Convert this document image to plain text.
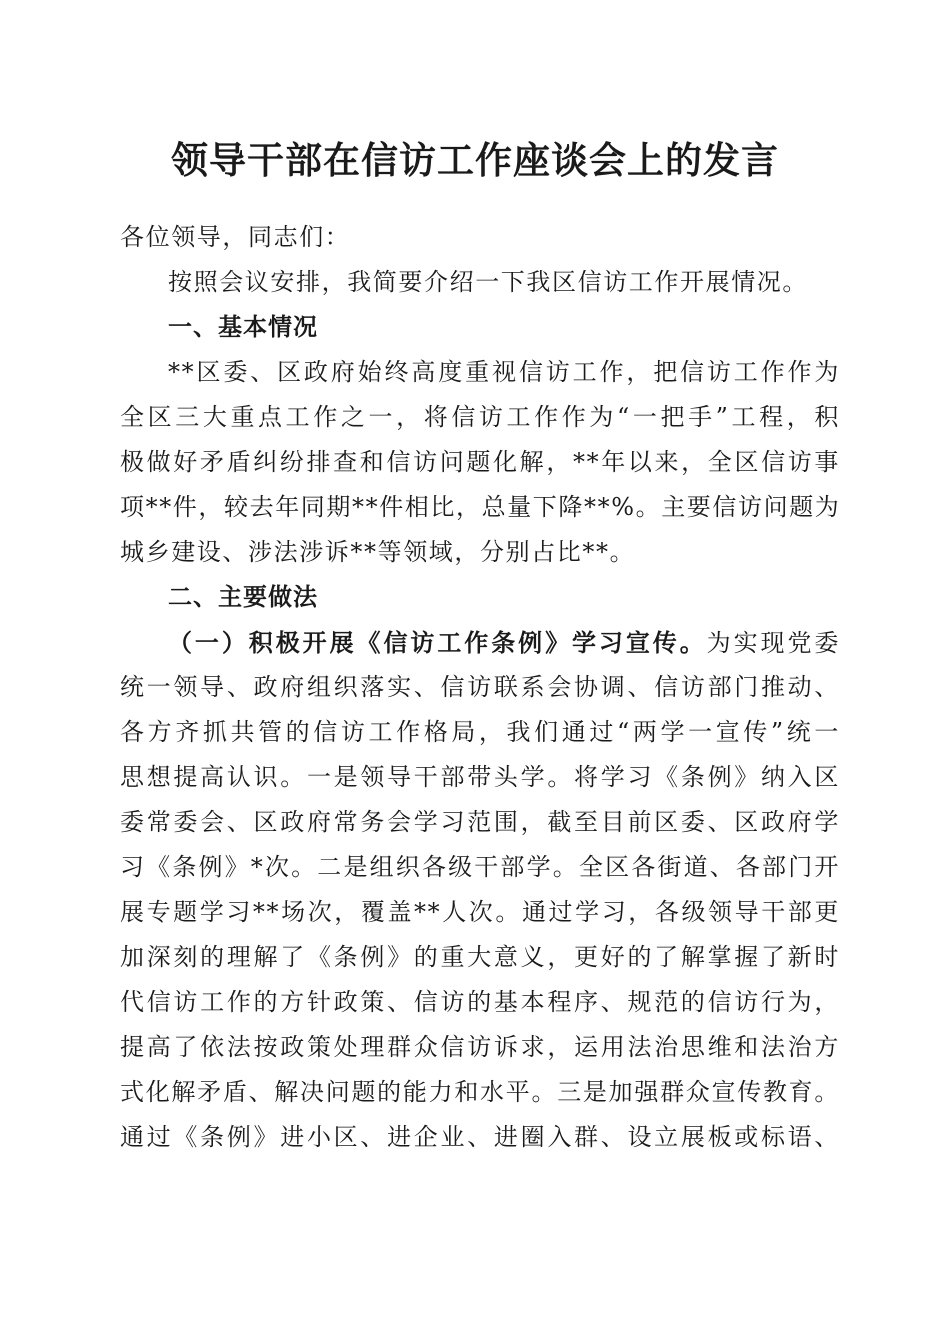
领导干部在信访工作座谈会上的发言
各位领导，同志们：
按照会议安排，我简要介绍一下我区信访工作开展情况。
一、基本情况
**区委、区政府始终高度重视信访工作，把信访工作作为
全区三大重点工作之一，将信访工作作为“一把手”工程，积
极做好矛盾纠纷排查和信访问题化解，**年以来，全区信访事
项**件，较去年同期**件相比，总量下降**%。主要信访问题为
城乡建设、涉法涉诉**等领域，分别占比**。
二、主要做法
（一）积极开展《信访工作条例》学习宣传。为实现党委
统一领导、政府组织落实、信访联系会协调、信访部门推动、
各方齐抓共管的信访工作格局，我们通过“两学一宣传”统一
思想提高认识。一是领导干部带头学。将学习《条例》纳入区
委常委会、区政府常务会学习范围，截至目前区委、区政府学
习《条例》*次。二是组织各级干部学。全区各街道、各部门开
展专题学习**场次，覆盖**人次。通过学习，各级领导干部更
加深刻的理解了《条例》的重大意义，更好的了解掌握了新时
代信访工作的方针政策、信访的基本程序、规范的信访行为，
提高了依法按政策处理群众信访诉求，运用法治思维和法治方
式化解矛盾、解决问题的能力和水平。三是加强群众宣传教育。
通过《条例》进小区、进企业、进圈入群、设立展板或标语、
